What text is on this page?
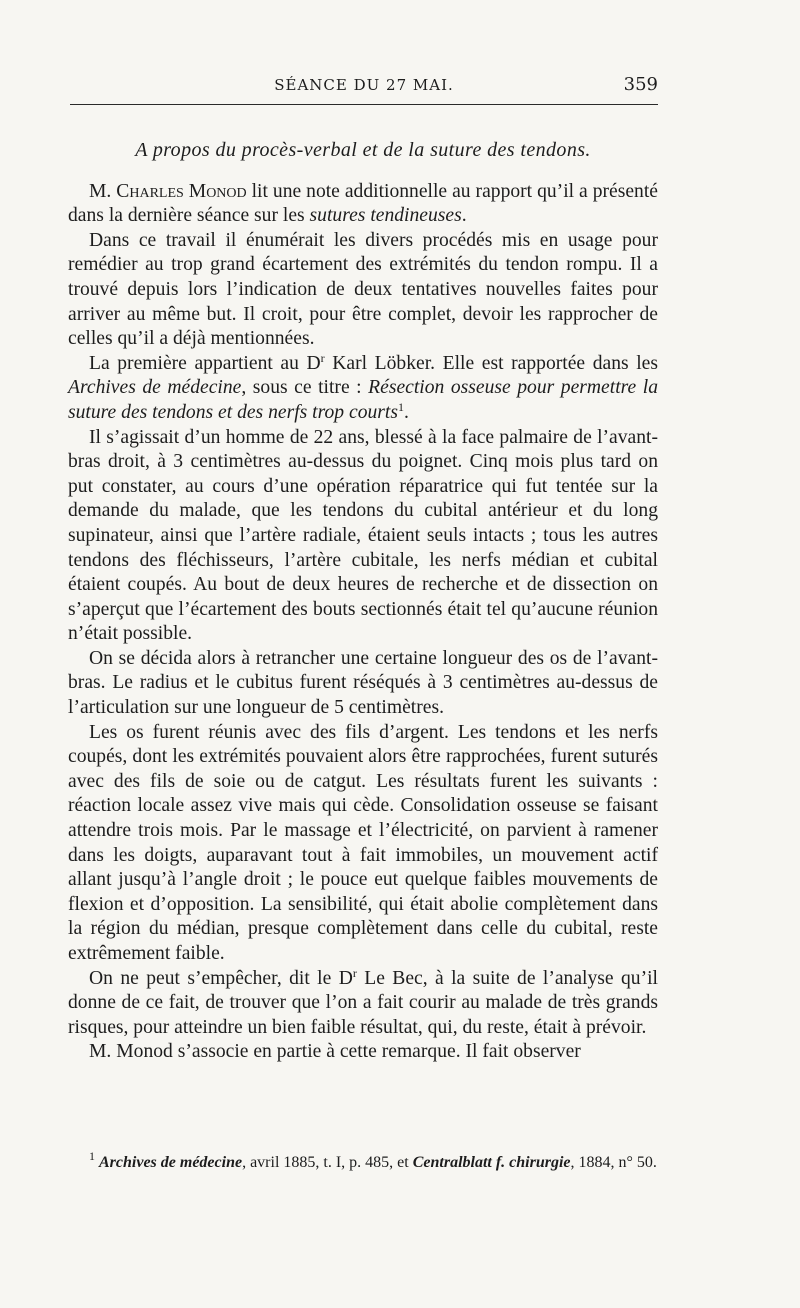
SÉANCE DU 27 MAI.	359
A propos du procès-verbal et de la suture des tendons.

M. Charles Monod lit une note additionnelle au rapport qu’il a présenté dans la dernière séance sur les sutures tendineuses.

Dans ce travail il énumérait les divers procédés mis en usage pour remédier au trop grand écartement des extrémités du tendon rompu. Il a trouvé depuis lors l’indication de deux tentatives nouvelles faites pour arriver au même but. Il croit, pour être complet, devoir les rapprocher de celles qu’il a déjà mentionnées.

La première appartient au $D^r$ Karl Löbker. Elle est rapportée dans les Archives de médecine, sous ce titre : Résection osseuse pour permettre la suture des tendons et des nerfs trop courts$^1$.

Il s’agissait d’un homme de 22 ans, blessé à la face palmaire de l’avant-bras droit, à 3 centimètres au-dessus du poignet. Cinq mois plus tard on put constater, au cours d’une opération réparatrice qui fut tentée sur la demande du malade, que les tendons du cubital antérieur et du long supinateur, ainsi que l’artère radiale, étaient seuls intacts ; tous les autres tendons des fléchisseurs, l’artère cubitale, les nerfs médian et cubital étaient coupés. Au bout de deux heures de recherche et de dissection on s’aperçut que l’écartement des bouts sectionnés était tel qu’aucune réunion n’était possible.

On se décida alors à retrancher une certaine longueur des os de l’avant-bras. Le radius et le cubitus furent réséqués à 3 centimètres au-dessus de l’articulation sur une longueur de 5 centimètres.

Les os furent réunis avec des fils d’argent. Les tendons et les nerfs coupés, dont les extrémités pouvaient alors être rapprochées, furent suturés avec des fils de soie ou de catgut. Les résultats furent les suivants : réaction locale assez vive mais qui cède. Consolidation osseuse se faisant attendre trois mois. Par le massage et l’électricité, on parvient à ramener dans les doigts, auparavant tout à fait immobiles, un mouvement actif allant jusqu’à l’angle droit ; le pouce eut quelque faibles mouvements de flexion et d’opposition. La sensibilité, qui était abolie complètement dans la région du médian, presque complètement dans celle du cubital, reste extrêmement faible.

On ne peut s’empêcher, dit le $D^r$ Le Bec, à la suite de l’analyse qu’il donne de ce fait, de trouver que l’on a fait courir au malade de très grands risques, pour atteindre un bien faible résultat, qui, du reste, était à prévoir.

M. Monod s’associe en partie à cette remarque. Il fait observer

$^1$ Archives de médecine, avril 1885, t. I, p. 485, et Centralblatt f. chirurgie, 1884, n° 50.
